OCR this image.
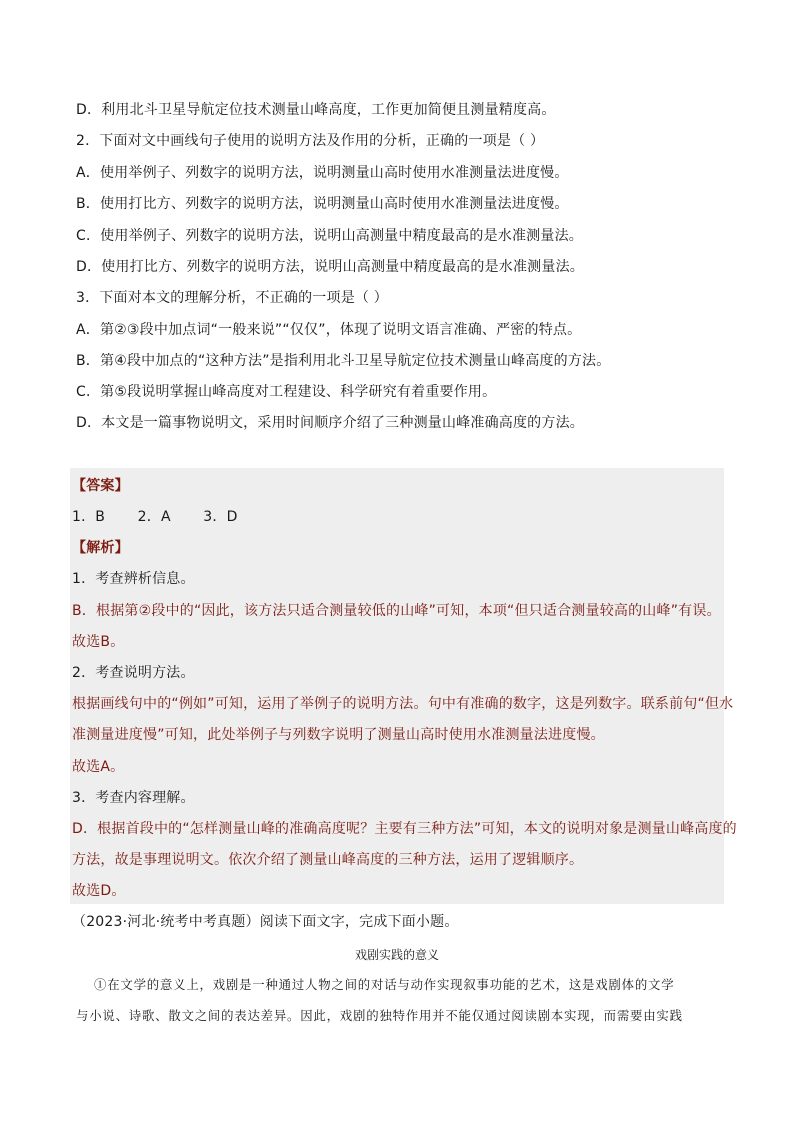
D．利用北斗卫星导航定位技术测量山峰高度，工作更加简便且测量精度高。
2．下面对文中画线句子使用的说明方法及作用的分析，正确的一项是（ ）
A．使用举例子、列数字的说明方法，说明测量山高时使用水准测量法进度慢。
B．使用打比方、列数字的说明方法，说明测量山高时使用水准测量法进度慢。
C．使用举例子、列数字的说明方法，说明山高测量中精度最高的是水准测量法。
D．使用打比方、列数字的说明方法，说明山高测量中精度最高的是水准测量法。
3．下面对本文的理解分析，不正确的一项是（ ）
A．第②③段中加点词“一般来说”“仅仅”，体现了说明文语言准确、严密的特点。
B．第④段中加点的“这种方法”是指利用北斗卫星导航定位技术测量山峰高度的方法。
C．第⑤段说明掌握山峰高度对工程建设、科学研究有着重要作用。
D．本文是一篇事物说明文，采用时间顺序介绍了三种测量山峰准确高度的方法。
【答案】
1．B       2．A       3．D
【解析】
1．考查辨析信息。
B．根据第②段中的“因此，该方法只适合测量较低的山峰”可知，本项“但只适合测量较高的山峰”有误。
故选B。
2．考查说明方法。
根据画线句中的“例如”可知，运用了举例子的说明方法。句中有准确的数字，这是列数字。联系前句“但水
准测量进度慢”可知，此处举例子与列数字说明了测量山高时使用水准测量法进度慢。
故选A。
3．考查内容理解。
D．根据首段中的“怎样测量山峰的准确高度呢？主要有三种方法”可知，本文的说明对象是测量山峰高度的
方法，故是事理说明文。依次介绍了测量山峰高度的三种方法，运用了逻辑顺序。
故选D。
（2023·河北·统考中考真题）阅读下面文字，完成下面小题。
戏剧实践的意义
①在文学的意义上，戏剧是一种通过人物之间的对话与动作实现叙事功能的艺术，这是戏剧体的文学
与小说、诗歌、散文之间的表达差异。因此，戏剧的独特作用并不能仅通过阅读剧本实现，而需要由实践
